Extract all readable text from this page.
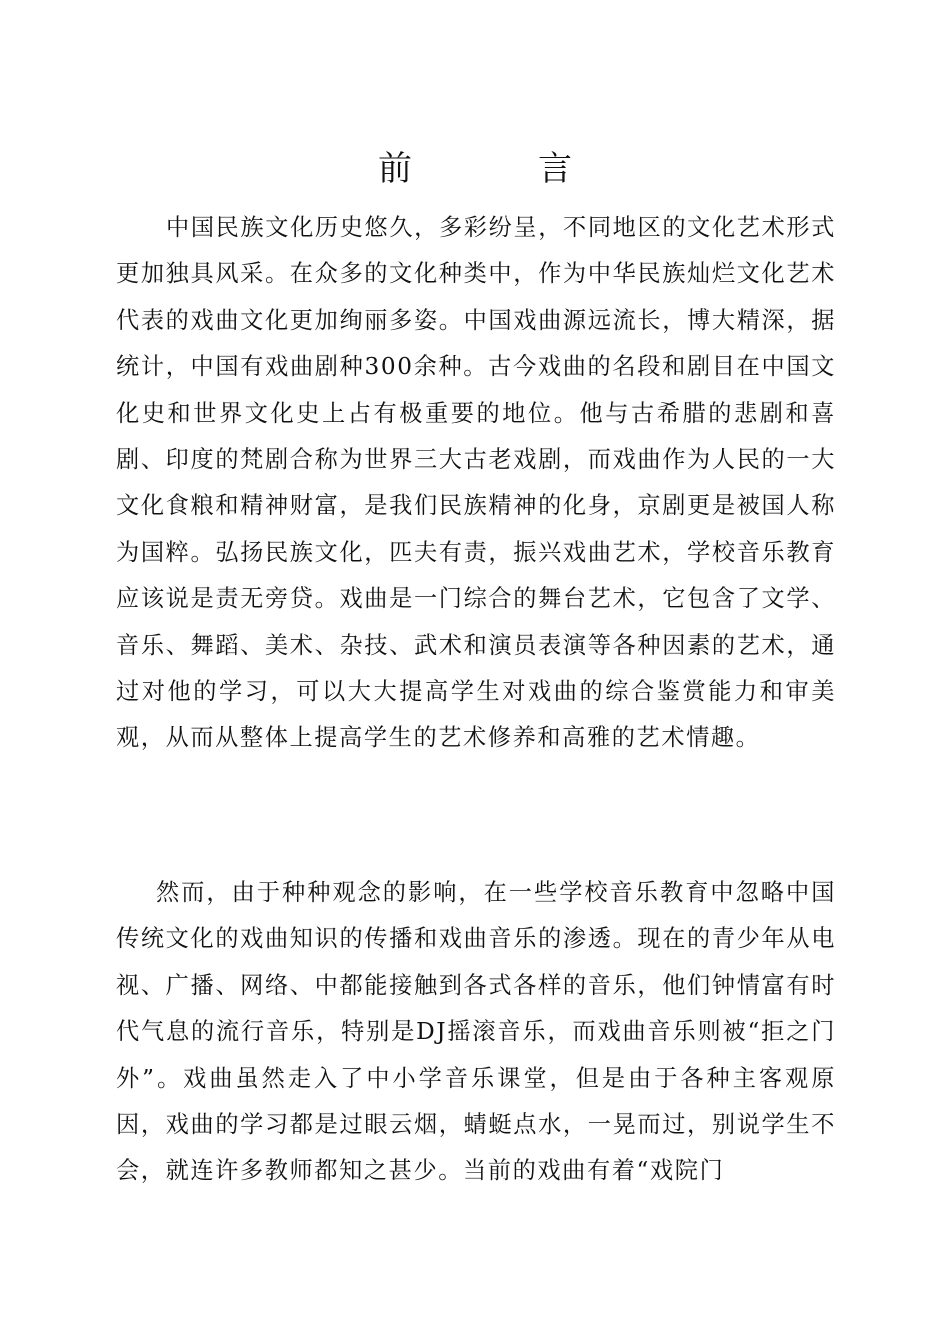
前　言

中国民族文化历史悠久，多彩纷呈，不同地区的文化艺术形式更加独具风采。在众多的文化种类中，作为中华民族灿烂文化艺术代表的戏曲文化更加绚丽多姿。中国戏曲源远流长，博大精深，据统计，中国有戏曲剧种300余种。古今戏曲的名段和剧目在中国文化史和世界文化史上占有极重要的地位。他与古希腊的悲剧和喜剧、印度的梵剧合称为世界三大古老戏剧，而戏曲作为人民的一大文化食粮和精神财富，是我们民族精神的化身，京剧更是被国人称为国粹。弘扬民族文化，匹夫有责，振兴戏曲艺术，学校音乐教育应该说是责无旁贷。戏曲是一门综合的舞台艺术，它包含了文学、音乐、舞蹈、美术、杂技、武术和演员表演等各种因素的艺术，通过对他的学习，可以大大提高学生对戏曲的综合鉴赏能力和审美观，从而从整体上提高学生的艺术修养和高雅的艺术情趣。

然而，由于种种观念的影响，在一些学校音乐教育中忽略中国传统文化的戏曲知识的传播和戏曲音乐的渗透。现在的青少年从电视、广播、网络、中都能接触到各式各样的音乐，他们钟情富有时代气息的流行音乐，特别是DJ摇滚音乐，而戏曲音乐则被“拒之门外”。戏曲虽然走入了中小学音乐课堂，但是由于各种主客观原因，戏曲的学习都是过眼云烟，蜻蜓点水，一晃而过，别说学生不会，就连许多教师都知之甚少。当前的戏曲有着“戏院门
